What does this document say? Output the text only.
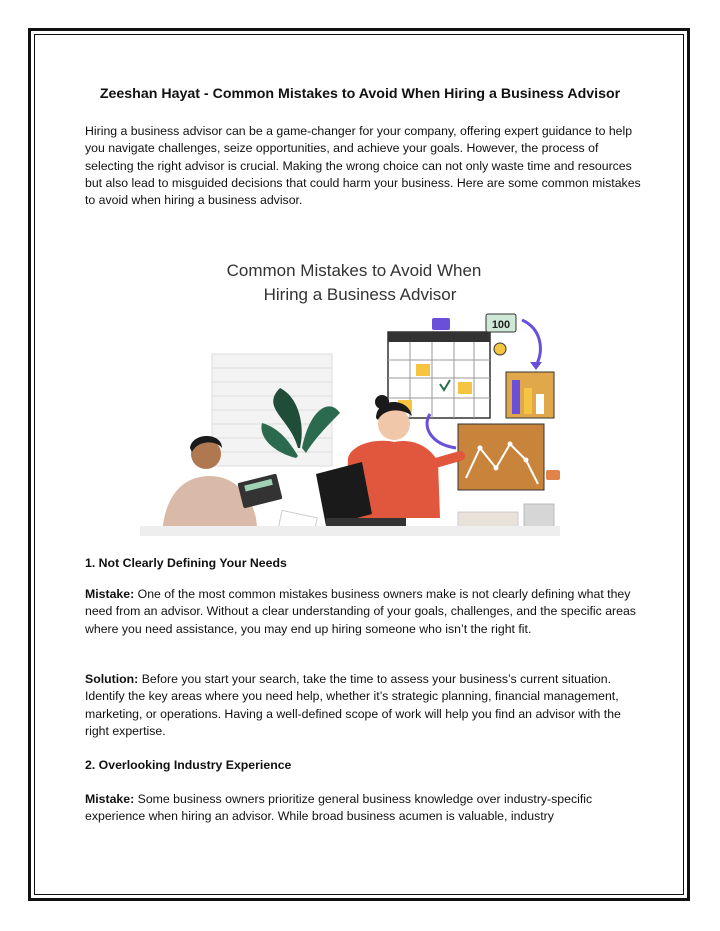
Zeeshan Hayat - Common Mistakes to Avoid When Hiring a Business Advisor

Hiring a business advisor can be a game-changer for your company, offering expert guidance to help you navigate challenges, seize opportunities, and achieve your goals. However, the process of selecting the right advisor is crucial. Making the wrong choice can not only waste time and resources but also lead to misguided decisions that could harm your business. Here are some common mistakes to avoid when hiring a business advisor.

Common Mistakes to Avoid When
Hiring a Business Advisor
100
1. Not Clearly Defining Your Needs

Mistake: One of the most common mistakes business owners make is not clearly defining what they need from an advisor. Without a clear understanding of your goals, challenges, and the specific areas where you need assistance, you may end up hiring someone who isn’t the right fit.

Solution: Before you start your search, take the time to assess your business’s current situation. Identify the key areas where you need help, whether it’s strategic planning, financial management, marketing, or operations. Having a well-defined scope of work will help you find an advisor with the right expertise.

2. Overlooking Industry Experience

Mistake: Some business owners prioritize general business knowledge over industry-specific experience when hiring an advisor. While broad business acumen is valuable, industry
